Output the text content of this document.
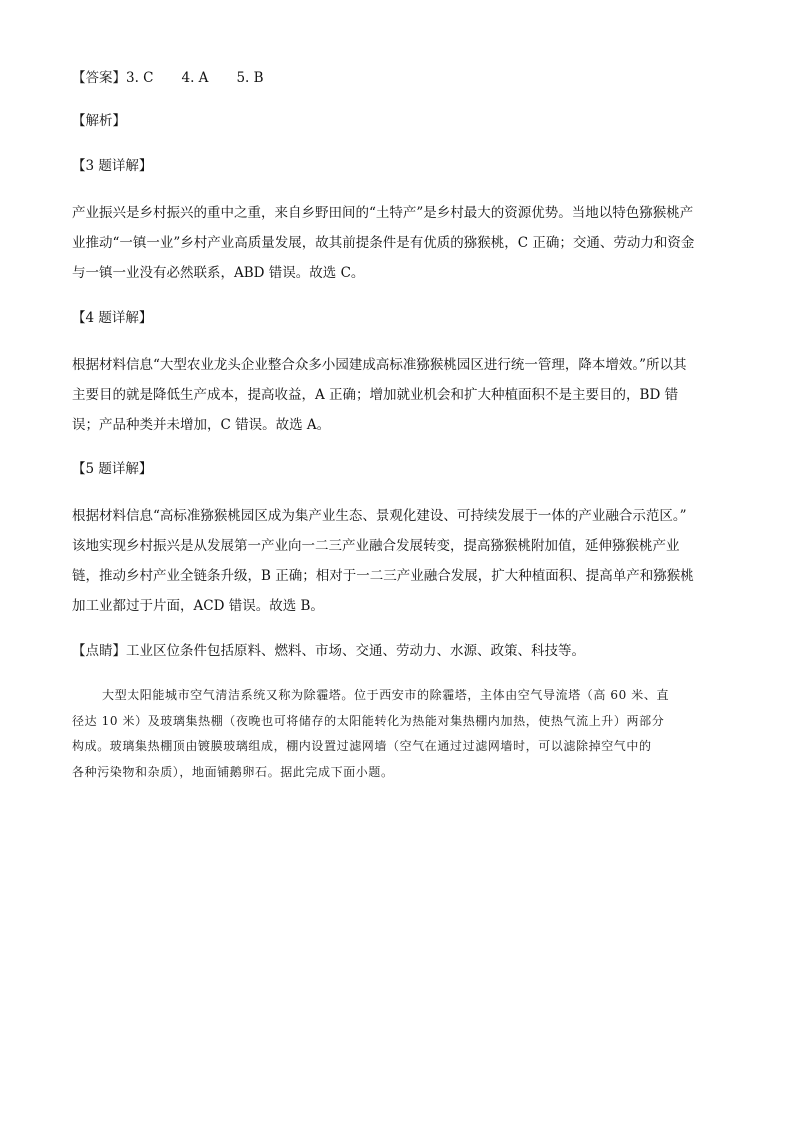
【答案】3. C 4. A 5. B
【解析】
【3 题详解】
产业振兴是乡村振兴的重中之重，来自乡野田间的“土特产”是乡村最大的资源优势。当地以特色猕猴桃产
业推动“一镇一业”乡村产业高质量发展，故其前提条件是有优质的猕猴桃，C 正确；交通、劳动力和资金
与一镇一业没有必然联系，ABD 错误。故选 C。
【4 题详解】
根据材料信息“大型农业龙头企业整合众多小园建成高标准猕猴桃园区进行统一管理，降本增效。”所以其
主要目的就是降低生产成本，提高收益，A 正确；增加就业机会和扩大种植面积不是主要目的，BD 错
误；产品种类并未增加，C 错误。故选 A。
【5 题详解】
根据材料信息“高标准猕猴桃园区成为集产业生态、景观化建设、可持续发展于一体的产业融合示范区。”
该地实现乡村振兴是从发展第一产业向一二三产业融合发展转变，提高猕猴桃附加值，延伸猕猴桃产业
链，推动乡村产业全链条升级，B 正确；相对于一二三产业融合发展，扩大种植面积、提高单产和猕猴桃
加工业都过于片面，ACD 错误。故选 B。
【点睛】工业区位条件包括原料、燃料、市场、交通、劳动力、水源、政策、科技等。
大型太阳能城市空气清洁系统又称为除霾塔。位于西安市的除霾塔，主体由空气导流塔（高 60 米、直
径达 10 米）及玻璃集热棚（夜晚也可将储存的太阳能转化为热能对集热棚内加热，使热气流上升）两部分
构成。玻璃集热棚顶由镀膜玻璃组成，棚内设置过滤网墙（空气在通过过滤网墙时，可以滤除掉空气中的
各种污染物和杂质），地面铺鹅卵石。据此完成下面小题。
